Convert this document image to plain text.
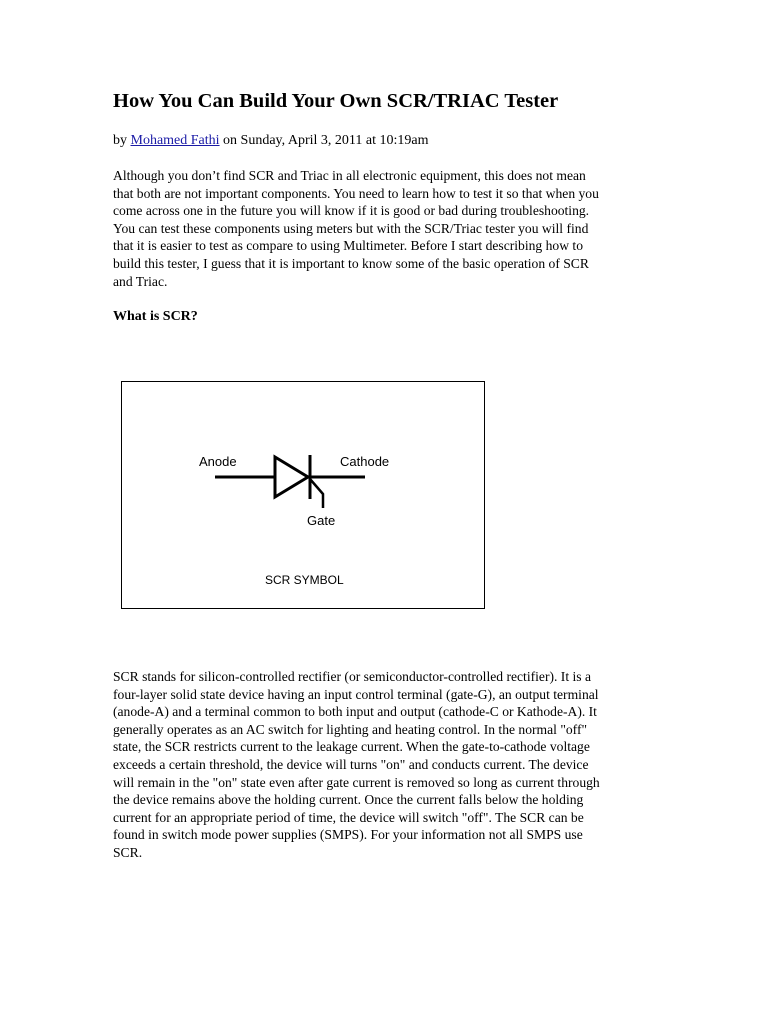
How You Can Build Your Own SCR/TRIAC Tester
by Mohamed Fathi on Sunday, April 3, 2011 at 10:19am
Although you don’t find SCR and Triac in all electronic equipment, this does not mean
that both are not important components. You need to learn how to test it so that when you
come across one in the future you will know if it is good or bad during troubleshooting.
You can test these components using meters but with the SCR/Triac tester you will find
that it is easier to test as compare to using Multimeter. Before I start describing how to
build this tester, I guess that it is important to know some of the basic operation of SCR
and Triac.
What is SCR?
Anode	Cathode
Gate
SCR SYMBOL
SCR stands for silicon-controlled rectifier (or semiconductor-controlled rectifier). It is a
four-layer solid state device having an input control terminal (gate-G), an output terminal
(anode-A) and a terminal common to both input and output (cathode-C or Kathode-A). It
generally operates as an AC switch for lighting and heating control. In the normal "off"
state, the SCR restricts current to the leakage current. When the gate-to-cathode voltage
exceeds a certain threshold, the device will turns "on" and conducts current. The device
will remain in the "on" state even after gate current is removed so long as current through
the device remains above the holding current. Once the current falls below the holding
current for an appropriate period of time, the device will switch "off". The SCR can be
found in switch mode power supplies (SMPS). For your information not all SMPS use
SCR.
